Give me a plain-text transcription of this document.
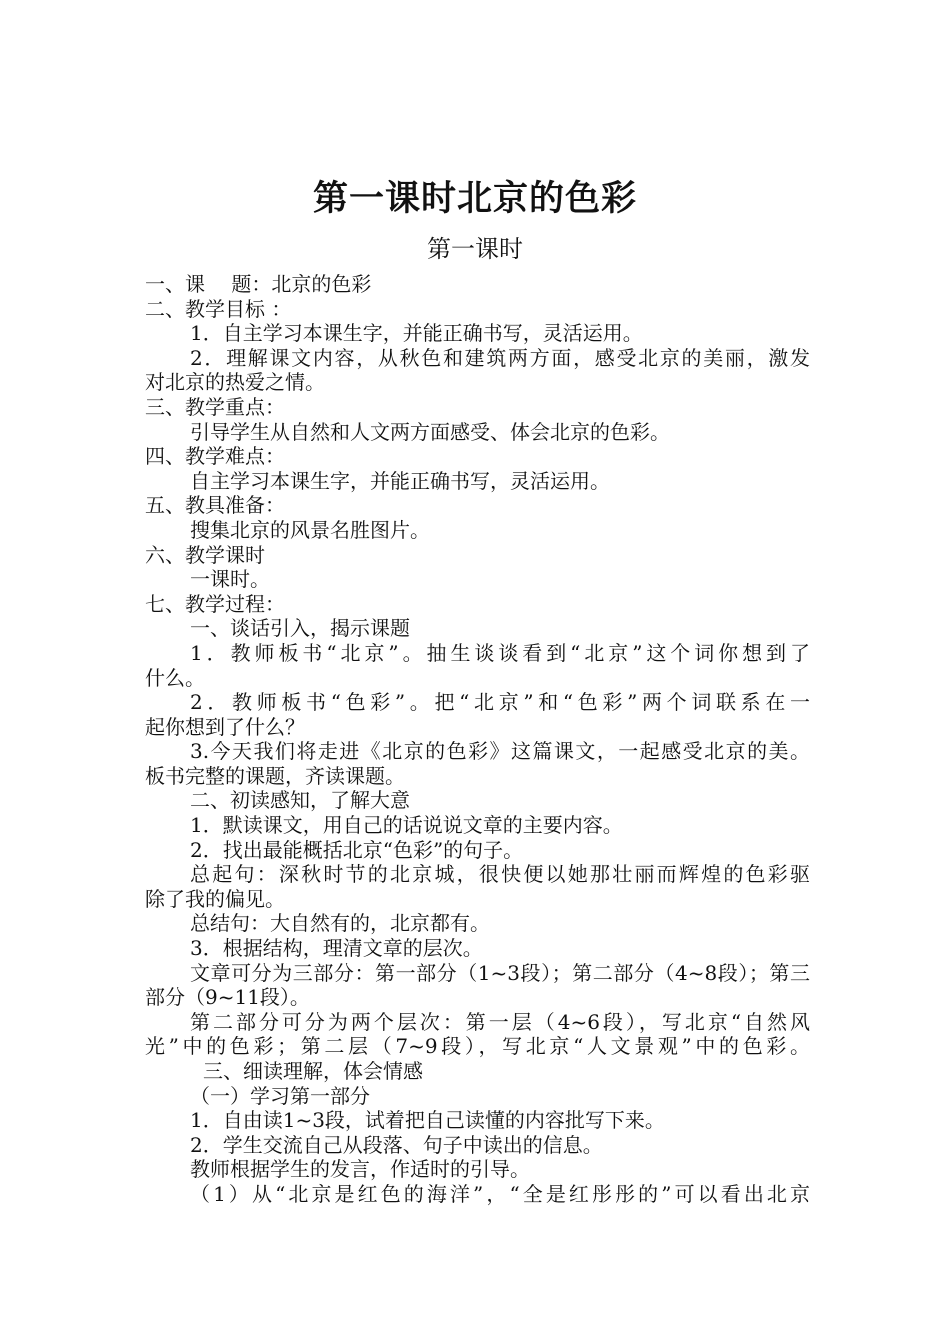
第一课时北京的色彩
第一课时
一、课　 题：北京的色彩
二、教学目标 ：
1．自主学习本课生字，并能正确书写，灵活运用。
2．理解课文内容，从秋色和建筑两方面，感受北京的美丽，激发
对北京的热爱之情。
三、教学重点：
引导学生从自然和人文两方面感受、体会北京的色彩。
四、教学难点：
自主学习本课生字，并能正确书写，灵活运用。
五、教具准备：
搜集北京的风景名胜图片。
六、教学课时
一课时。
七、教学过程：
一、谈话引入，揭示课题
1．教师板书“北京”。抽生谈谈看到“北京”这个词你想到了
什么。
2．教师板书“色彩”。把“北京”和“色彩”两个词联系在一
起你想到了什么？
3.今天我们将走进《北京的色彩》这篇课文，一起感受北京的美。
板书完整的课题，齐读课题。
二、初读感知，了解大意
1．默读课文，用自己的话说说文章的主要内容。
2．找出最能概括北京“色彩”的句子。
总起句：深秋时节的北京城，很快便以她那壮丽而辉煌的色彩驱
除了我的偏见。
总结句：大自然有的，北京都有。
3．根据结构，理清文章的层次。
文章可分为三部分：第一部分（1~3段）；第二部分（4~8段）；第三
部分（9~11段）。
第二部分可分为两个层次：第一层（4~6段），写北京“自然风
光”中的色彩；第二层（7~9段），写北京“人文景观”中的色彩。
三、细读理解，体会情感
（一）学习第一部分
1．自由读1~3段，试着把自己读懂的内容批写下来。
2．学生交流自己从段落、句子中读出的信息。
教师根据学生的发言，作适时的引导。
（1）从“北京是红色的海洋”，“全是红彤彤的”可以看出北京
